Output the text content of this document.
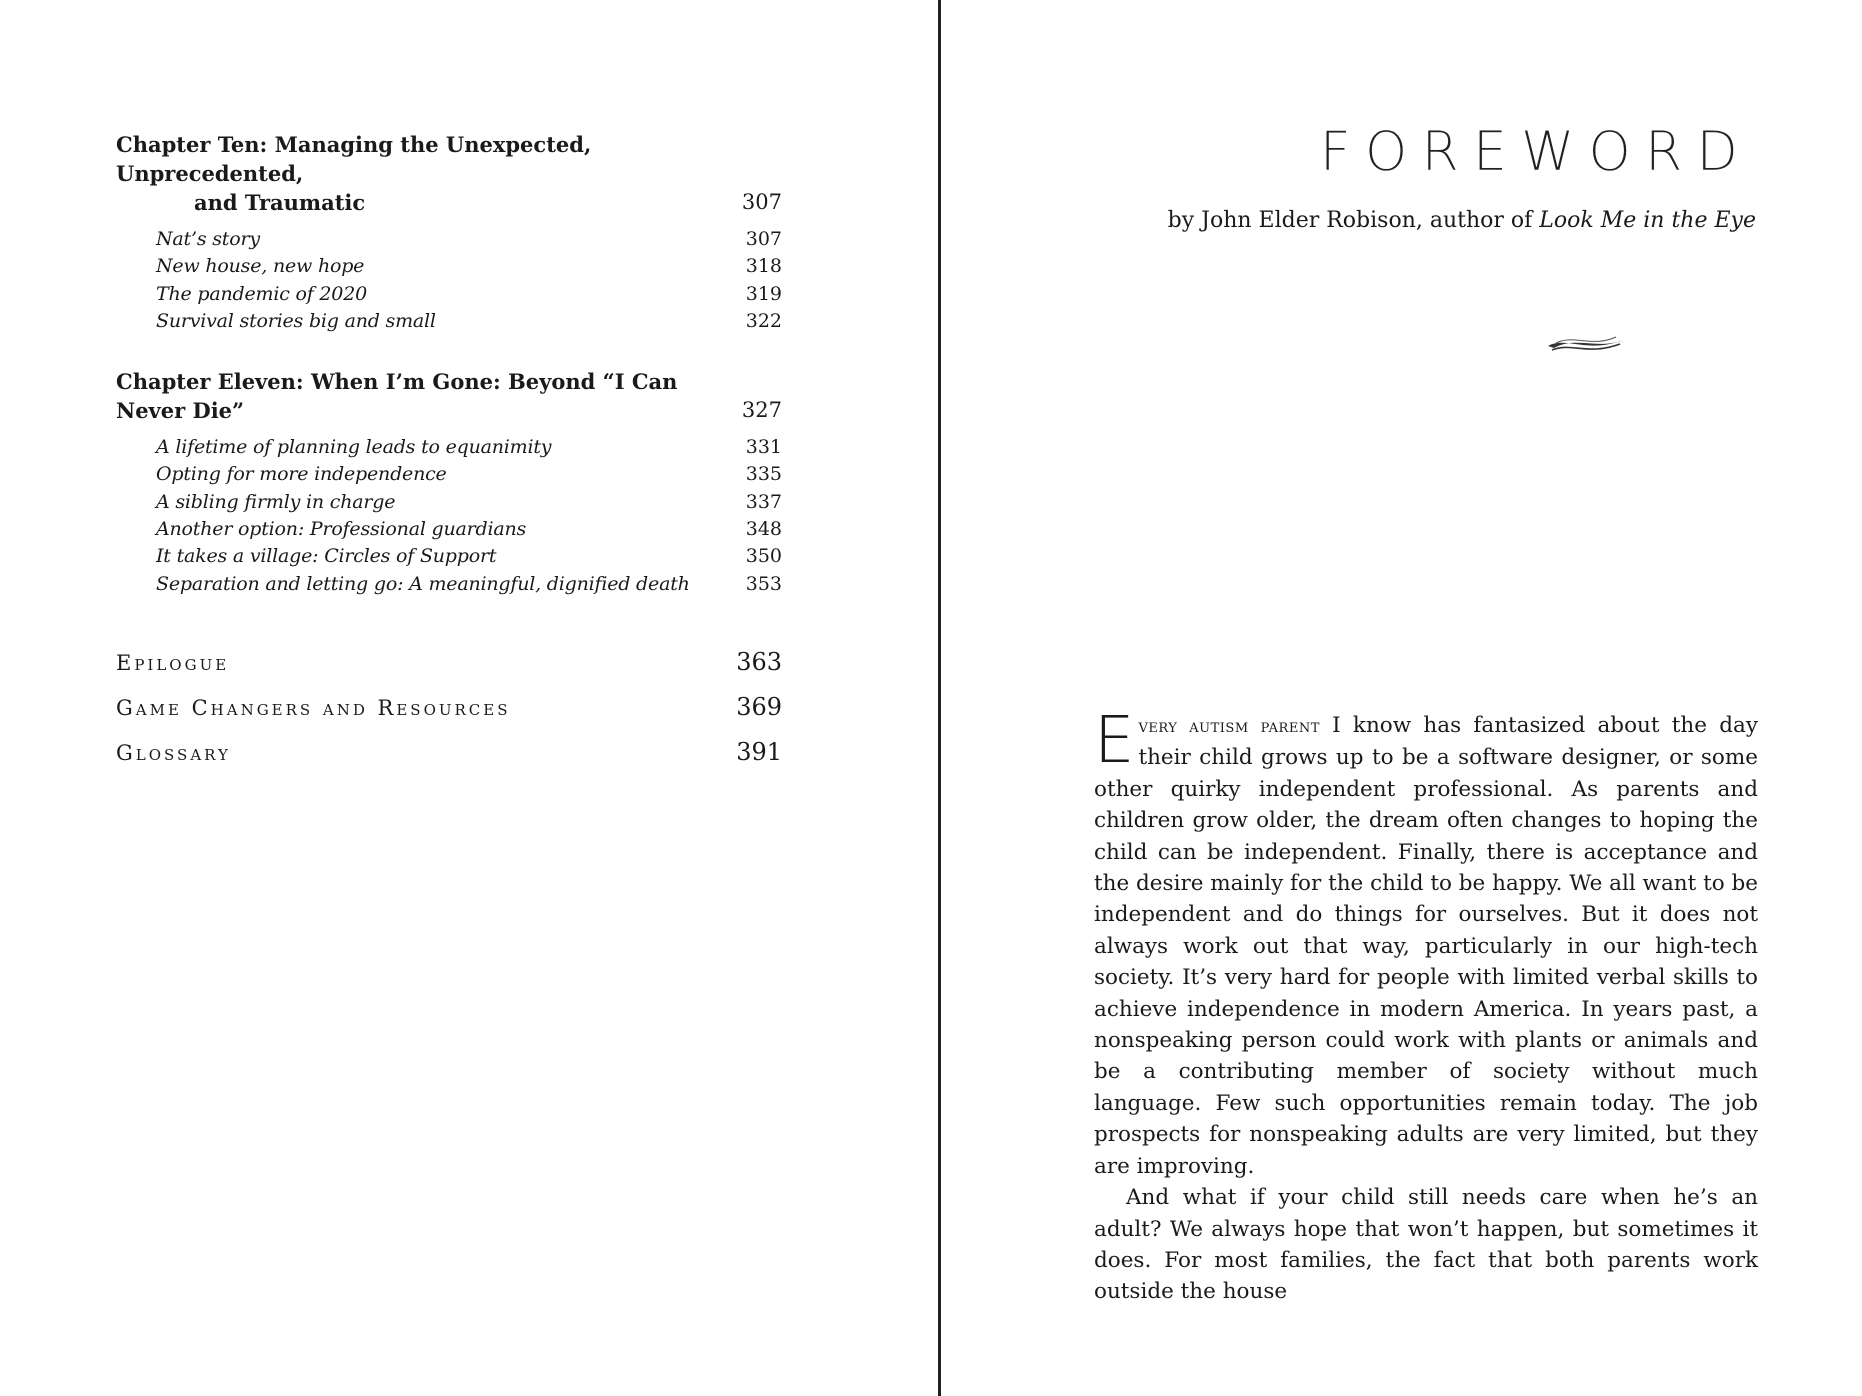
Chapter Ten: Managing the Unexpected, Unprecedented,
and Traumatic	307
Nat’s story	307
New house, new hope	318
The pandemic of 2020	319
Survival stories big and small	322
Chapter Eleven: When I’m Gone: Beyond “I Can Never Die”	327
A lifetime of planning leads to equanimity	331
Opting for more independence	335
A sibling firmly in charge	337
Another option: Professional guardians	348
It takes a village: Circles of Support	350
Separation and letting go: A meaningful, dignified death	353
Epilogue	363
Game Changers and Resources	369
Glossary	391
FOREWORD
by John Elder Robison, author of Look Me in the Eye

Every autism parent I know has fantasized about the day their child grows up to be a software designer, or some other quirky independent professional. As parents and children grow older, the dream often changes to hoping the child can be independent. Finally, there is acceptance and the desire mainly for the child to be happy. We all want to be independent and do things for ourselves. But it does not always work out that way, particularly in our high-tech society. It’s very hard for people with limited verbal skills to achieve independence in modern America. In years past, a nonspeaking person could work with plants or animals and be a contributing member of society without much language. Few such opportunities remain today. The job prospects for nonspeaking adults are very limited, but they are improving.

And what if your child still needs care when he’s an adult? We always hope that won’t happen, but sometimes it does. For most families, the fact that both parents work outside the house
